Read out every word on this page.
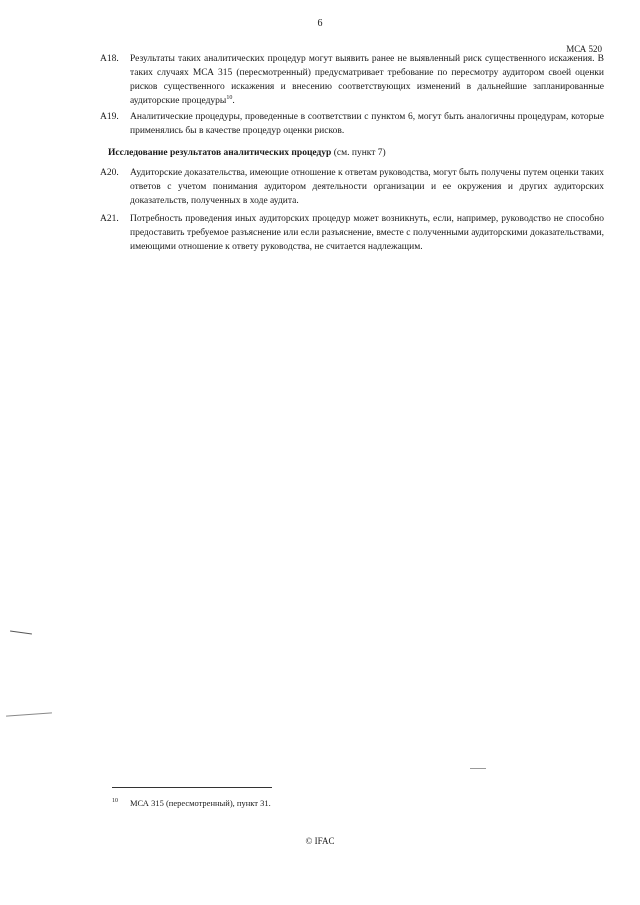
6
МСА 520
А18. Результаты таких аналитических процедур могут выявить ранее не выявленный риск существенного искажения. В таких случаях МСА 315 (пересмотренный) предусматривает требование по пересмотру аудитором своей оценки рисков существенного искажения и внесению соответствующих изменений в дальнейшие запланированные аудиторские процедуры$^{10}$.
А19. Аналитические процедуры, проведенные в соответствии с пунктом 6, могут быть аналогичны процедурам, которые применялись бы в качестве процедур оценки рисков.
Исследование результатов аналитических процедур (см. пункт 7)
А20. Аудиторские доказательства, имеющие отношение к ответам руководства, могут быть получены путем оценки таких ответов с учетом понимания аудитором деятельности организации и ее окружения и других аудиторских доказательств, полученных в ходе аудита.
А21. Потребность проведения иных аудиторских процедур может возникнуть, если, например, руководство не способно предоставить требуемое разъяснение или если разъяснение, вместе с полученными аудиторскими доказательствами, имеющими отношение к ответу руководства, не считается надлежащим.
$^{10}$ МСА 315 (пересмотренный), пункт 31.
© IFAC
